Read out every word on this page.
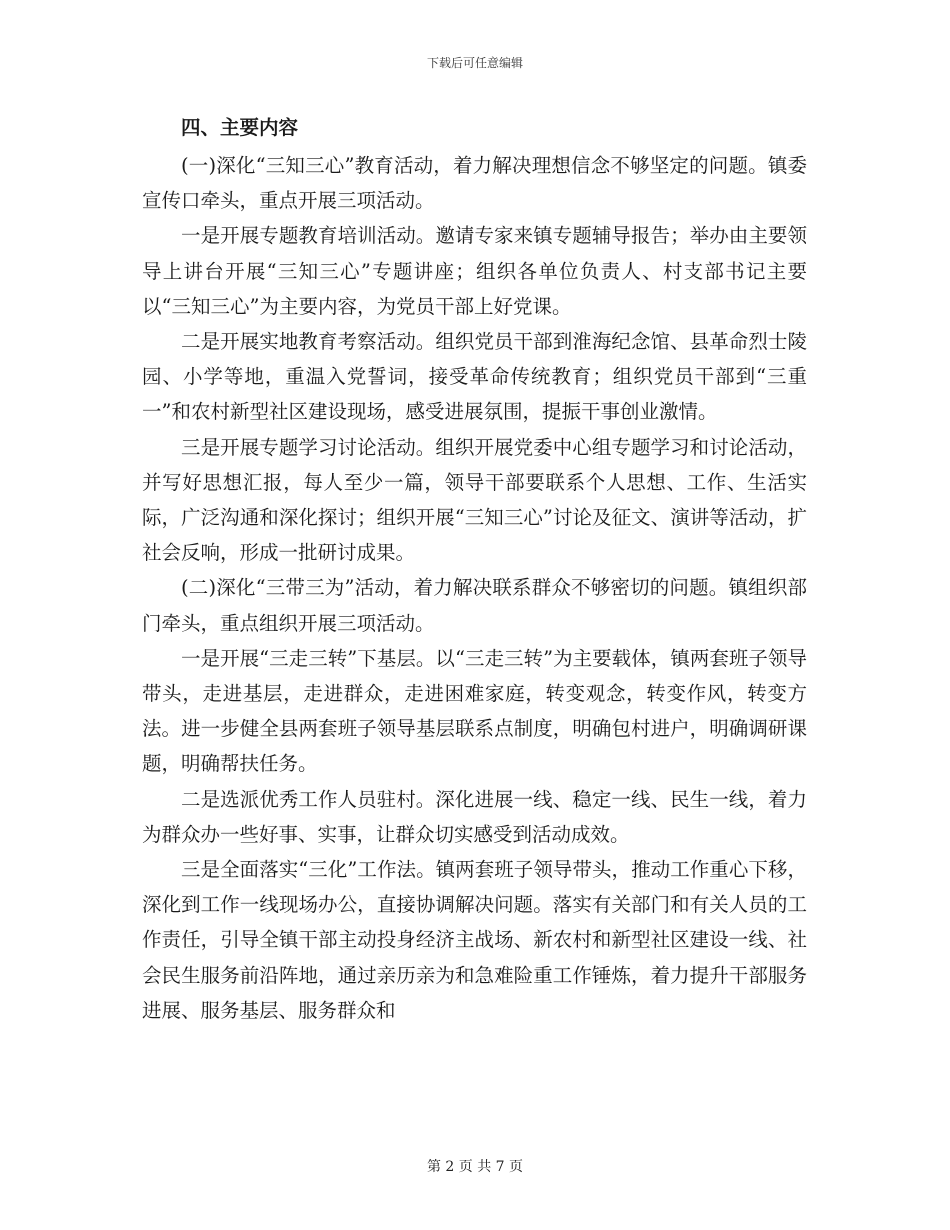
下载后可任意编辑
四、主要内容

(一)深化“三知三心”教育活动，着力解决理想信念不够坚定的问题。镇委宣传口牵头，重点开展三项活动。

一是开展专题教育培训活动。邀请专家来镇专题辅导报告；举办由主要领导上讲台开展“三知三心”专题讲座；组织各单位负责人、村支部书记主要以“三知三心”为主要内容，为党员干部上好党课。

二是开展实地教育考察活动。组织党员干部到淮海纪念馆、县革命烈士陵园、小学等地，重温入党誓词，接受革命传统教育；组织党员干部到“三重一”和农村新型社区建设现场，感受进展氛围，提振干事创业激情。

三是开展专题学习讨论活动。组织开展党委中心组专题学习和讨论活动，并写好思想汇报，每人至少一篇，领导干部要联系个人思想、工作、生活实际，广泛沟通和深化探讨；组织开展“三知三心”讨论及征文、演讲等活动，扩社会反响，形成一批研讨成果。

(二)深化“三带三为”活动，着力解决联系群众不够密切的问题。镇组织部门牵头，重点组织开展三项活动。

一是开展“三走三转”下基层。以“三走三转”为主要载体，镇两套班子领导带头，走进基层，走进群众，走进困难家庭，转变观念，转变作风，转变方法。进一步健全县两套班子领导基层联系点制度，明确包村进户，明确调研课题，明确帮扶任务。

二是选派优秀工作人员驻村。深化进展一线、稳定一线、民生一线，着力为群众办一些好事、实事，让群众切实感受到活动成效。

三是全面落实“三化”工作法。镇两套班子领导带头，推动工作重心下移，深化到工作一线现场办公，直接协调解决问题。落实有关部门和有关人员的工作责任，引导全镇干部主动投身经济主战场、新农村和新型社区建设一线、社会民生服务前沿阵地，通过亲历亲为和急难险重工作锤炼，着力提升干部服务进展、服务基层、服务群众和

第 2 页 共 7 页
